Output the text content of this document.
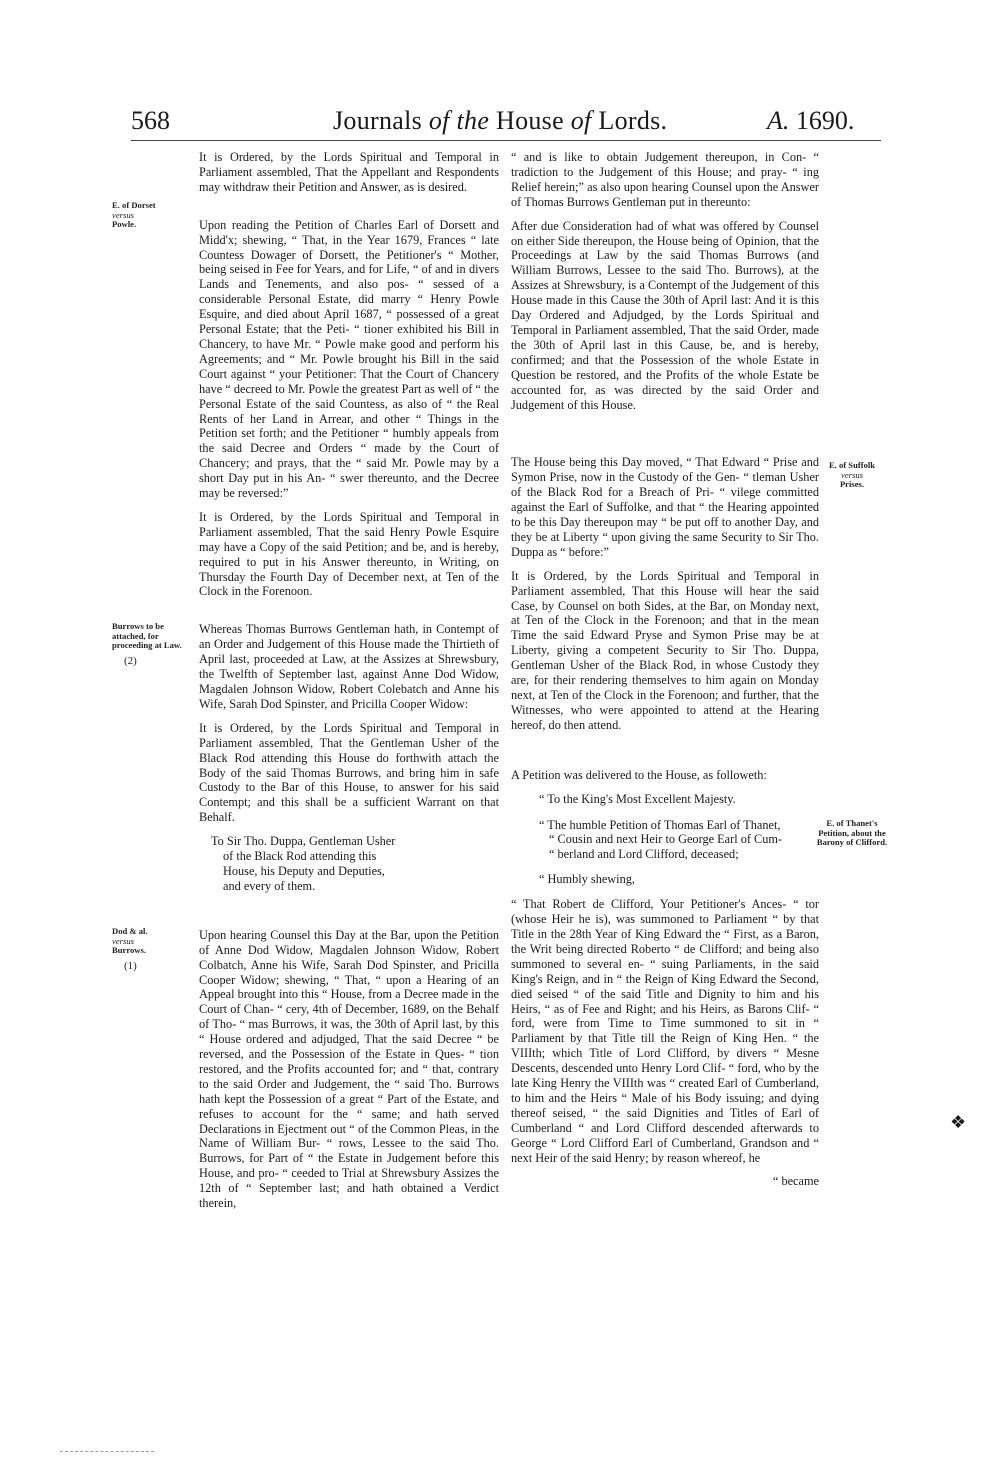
568	Journals of the House of Lords.	A. 1690.
E. of Dorset
versus
Powle.
Burrows to be attached, for proceeding at Law.
(2)
Dod & al.
versus
Burrows.
(1)
E. of Suffolk
versus
Prises.
E. of Thanet's Petition, about the Barony of Clifford.

It is Ordered, by the Lords Spiritual and Temporal in Parliament assembled, That the Appellant and Respondents may withdraw their Petition and Answer, as is desired.

Upon reading the Petition of Charles Earl of Dorsett and Midd'x; shewing, “ That, in the Year 1679, Frances “ late Countess Dowager of Dorsett, the Petitioner's “ Mother, being seised in Fee for Years, and for Life, “ of and in divers Lands and Tenements, and also pos- “ sessed of a considerable Personal Estate, did marry “ Henry Powle Esquire, and died about April 1687, “ possessed of a great Personal Estate; that the Peti- “ tioner exhibited his Bill in Chancery, to have Mr. “ Powle make good and perform his Agreements; and “ Mr. Powle brought his Bill in the said Court against “ your Petitioner: That the Court of Chancery have “ decreed to Mr. Powle the greatest Part as well of “ the Personal Estate of the said Countess, as also of “ the Real Rents of her Land in Arrear, and other “ Things in the Petition set forth; and the Petitioner “ humbly appeals from the said Decree and Orders “ made by the Court of Chancery; and prays, that the “ said Mr. Powle may by a short Day put in his An- “ swer thereunto, and the Decree may be reversed:”

It is Ordered, by the Lords Spiritual and Temporal in Parliament assembled, That the said Henry Powle Esquire may have a Copy of the said Petition; and be, and is hereby, required to put in his Answer thereunto, in Writing, on Thursday the Fourth Day of December next, at Ten of the Clock in the Forenoon.

Whereas Thomas Burrows Gentleman hath, in Contempt of an Order and Judgement of this House made the Thirtieth of April last, proceeded at Law, at the Assizes at Shrewsbury, the Twelfth of September last, against Anne Dod Widow, Magdalen Johnson Widow, Robert Colebatch and Anne his Wife, Sarah Dod Spinster, and Pricilla Cooper Widow:

It is Ordered, by the Lords Spiritual and Temporal in Parliament assembled, That the Gentleman Usher of the Black Rod attending this House do forthwith attach the Body of the said Thomas Burrows, and bring him in safe Custody to the Bar of this House, to answer for his said Contempt; and this shall be a sufficient Warrant on that Behalf.

To Sir Tho. Duppa, Gentleman Usher
of the Black Rod attending this
House, his Deputy and Deputies,
and every of them.

Upon hearing Counsel this Day at the Bar, upon the Petition of Anne Dod Widow, Magdalen Johnson Widow, Robert Colbatch, Anne his Wife, Sarah Dod Spinster, and Pricilla Cooper Widow; shewing, “ That, “ upon a Hearing of an Appeal brought into this “ House, from a Decree made in the Court of Chan- “ cery, 4th of December, 1689, on the Behalf of Tho- “ mas Burrows, it was, the 30th of April last, by this “ House ordered and adjudged, That the said Decree “ be reversed, and the Possession of the Estate in Ques- “ tion restored, and the Profits accounted for; and “ that, contrary to the said Order and Judgement, the “ said Tho. Burrows hath kept the Possession of a great “ Part of the Estate, and refuses to account for the “ same; and hath served Declarations in Ejectment out “ of the Common Pleas, in the Name of William Bur- “ rows, Lessee to the said Tho. Burrows, for Part of “ the Estate in Judgement before this House, and pro- “ ceeded to Trial at Shrewsbury Assizes the 12th of “ September last; and hath obtained a Verdict therein,

“ and is like to obtain Judgement thereupon, in Con- “ tradiction to the Judgement of this House; and pray- “ ing Relief herein;” as also upon hearing Counsel upon the Answer of Thomas Burrows Gentleman put in thereunto:

After due Consideration had of what was offered by Counsel on either Side thereupon, the House being of Opinion, that the Proceedings at Law by the said Thomas Burrows (and William Burrows, Lessee to the said Tho. Burrows), at the Assizes at Shrewsbury, is a Contempt of the Judgement of this House made in this Cause the 30th of April last: And it is this Day Ordered and Adjudged, by the Lords Spiritual and Temporal in Parliament assembled, That the said Order, made the 30th of April last in this Cause, be, and is hereby, confirmed; and that the Possession of the whole Estate in Question be restored, and the Profits of the whole Estate be accounted for, as was directed by the said Order and Judgement of this House.

The House being this Day moved, “ That Edward “ Prise and Symon Prise, now in the Custody of the Gen- “ tleman Usher of the Black Rod for a Breach of Pri- “ vilege committed against the Earl of Suffolke, and that “ the Hearing appointed to be this Day thereupon may “ be put off to another Day, and they be at Liberty “ upon giving the same Security to Sir Tho. Duppa as “ before:”

It is Ordered, by the Lords Spiritual and Temporal in Parliament assembled, That this House will hear the said Case, by Counsel on both Sides, at the Bar, on Monday next, at Ten of the Clock in the Forenoon; and that in the mean Time the said Edward Pryse and Symon Prise may be at Liberty, giving a competent Security to Sir Tho. Duppa, Gentleman Usher of the Black Rod, in whose Custody they are, for their rendering themselves to him again on Monday next, at Ten of the Clock in the Forenoon; and further, that the Witnesses, who were appointed to attend at the Hearing hereof, do then attend.

A Petition was delivered to the House, as followeth:

“ To the King's Most Excellent Majesty.

“ The humble Petition of Thomas Earl of Thanet,
“ Cousin and next Heir to George Earl of Cum-
“ berland and Lord Clifford, deceased;
“ Humbly shewing,

“ That Robert de Clifford, Your Petitioner's Ances- “ tor (whose Heir he is), was summoned to Parliament “ by that Title in the 28th Year of King Edward the “ First, as a Baron, the Writ being directed Roberto “ de Clifford; and being also summoned to several en- “ suing Parliaments, in the said King's Reign, and in “ the Reign of King Edward the Second, died seised “ of the said Title and Dignity to him and his Heirs, “ as of Fee and Right; and his Heirs, as Barons Clif- “ ford, were from Time to Time summoned to sit in “ Parliament by that Title till the Reign of King Hen. “ the VIIIth; which Title of Lord Clifford, by divers “ Mesne Descents, descended unto Henry Lord Clif- “ ford, who by the late King Henry the VIIIth was “ created Earl of Cumberland, to him and the Heirs “ Male of his Body issuing; and dying thereof seised, “ the said Dignities and Titles of Earl of Cumberland “ and Lord Clifford descended afterwards to George “ Lord Clifford Earl of Cumberland, Grandson and “ next Heir of the said Henry; by reason whereof, he

“ became
❖
